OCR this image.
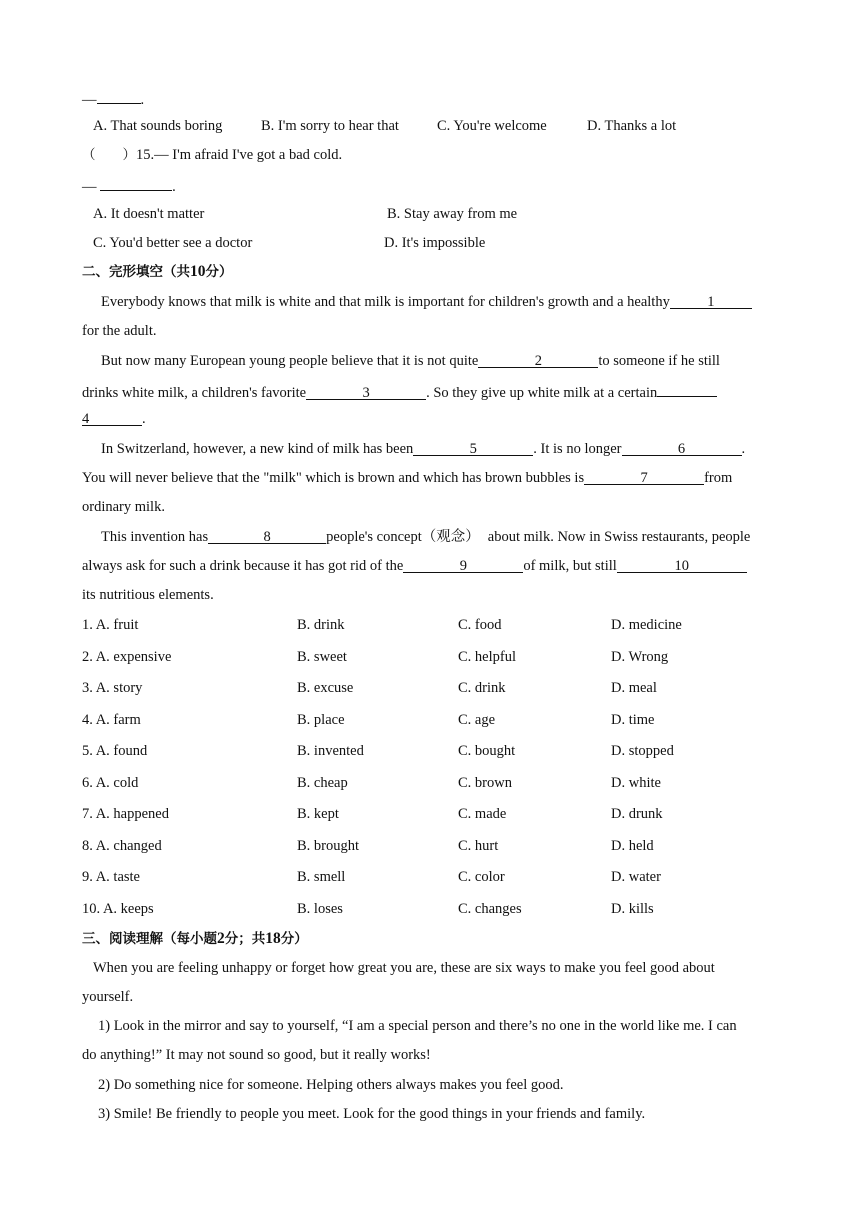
—	.
A. That sounds boring	B. I'm sorry to hear that	C. You're welcome	D. Thanks a lot
（　　）15.— I'm afraid I've got a bad cold.
—	.
A. It doesn't matter	B. Stay away from me
C. You'd better see a doctor	D. It's impossible
二、完形填空（共10分）
Everybody knows that milk is white and that milk is important for children's growth and a healthy	1
for the adult.
But now many European young people believe that it is not quite	2	to someone if he still
drinks white milk, a children's favorite	3	. So they give up white milk at a certain
4	.
In Switzerland, however, a new kind of milk has been	5	. It is no longer	6	.
You will never believe that the "milk" which is brown and which has brown bubbles is	7	from
ordinary milk.
This invention has	8	people's concept（观念） about milk. Now in Swiss restaurants, people
always ask for such a drink because it has got rid of the	9	of milk, but still	10
its nutritious elements.
1. A. fruit	B. drink	C. food	D. medicine
2. A. expensive	B. sweet	C. helpful	D. Wrong
3. A. story	B. excuse	C. drink	D. meal
4. A. farm	B. place	C. age	D. time
5. A. found	B. invented	C. bought	D. stopped
6. A. cold	B. cheap	C. brown	D. white
7. A. happened	B. kept	C. made	D. drunk
8. A. changed	B. brought	C. hurt	D. held
9. A. taste	B. smell	C. color	D. water
10. A. keeps	B. loses	C. changes	D. kills
三、阅读理解（每小题2分；共18分）
When you are feeling unhappy or forget how great you are, these are six ways to make you feel good about
yourself.
1) Look in the mirror and say to yourself, “I am a special person and there’s no one in the world like me. I can
do anything!” It may not sound so good, but it really works!
2) Do something nice for someone. Helping others always makes you feel good.
3) Smile! Be friendly to people you meet. Look for the good things in your friends and family.
